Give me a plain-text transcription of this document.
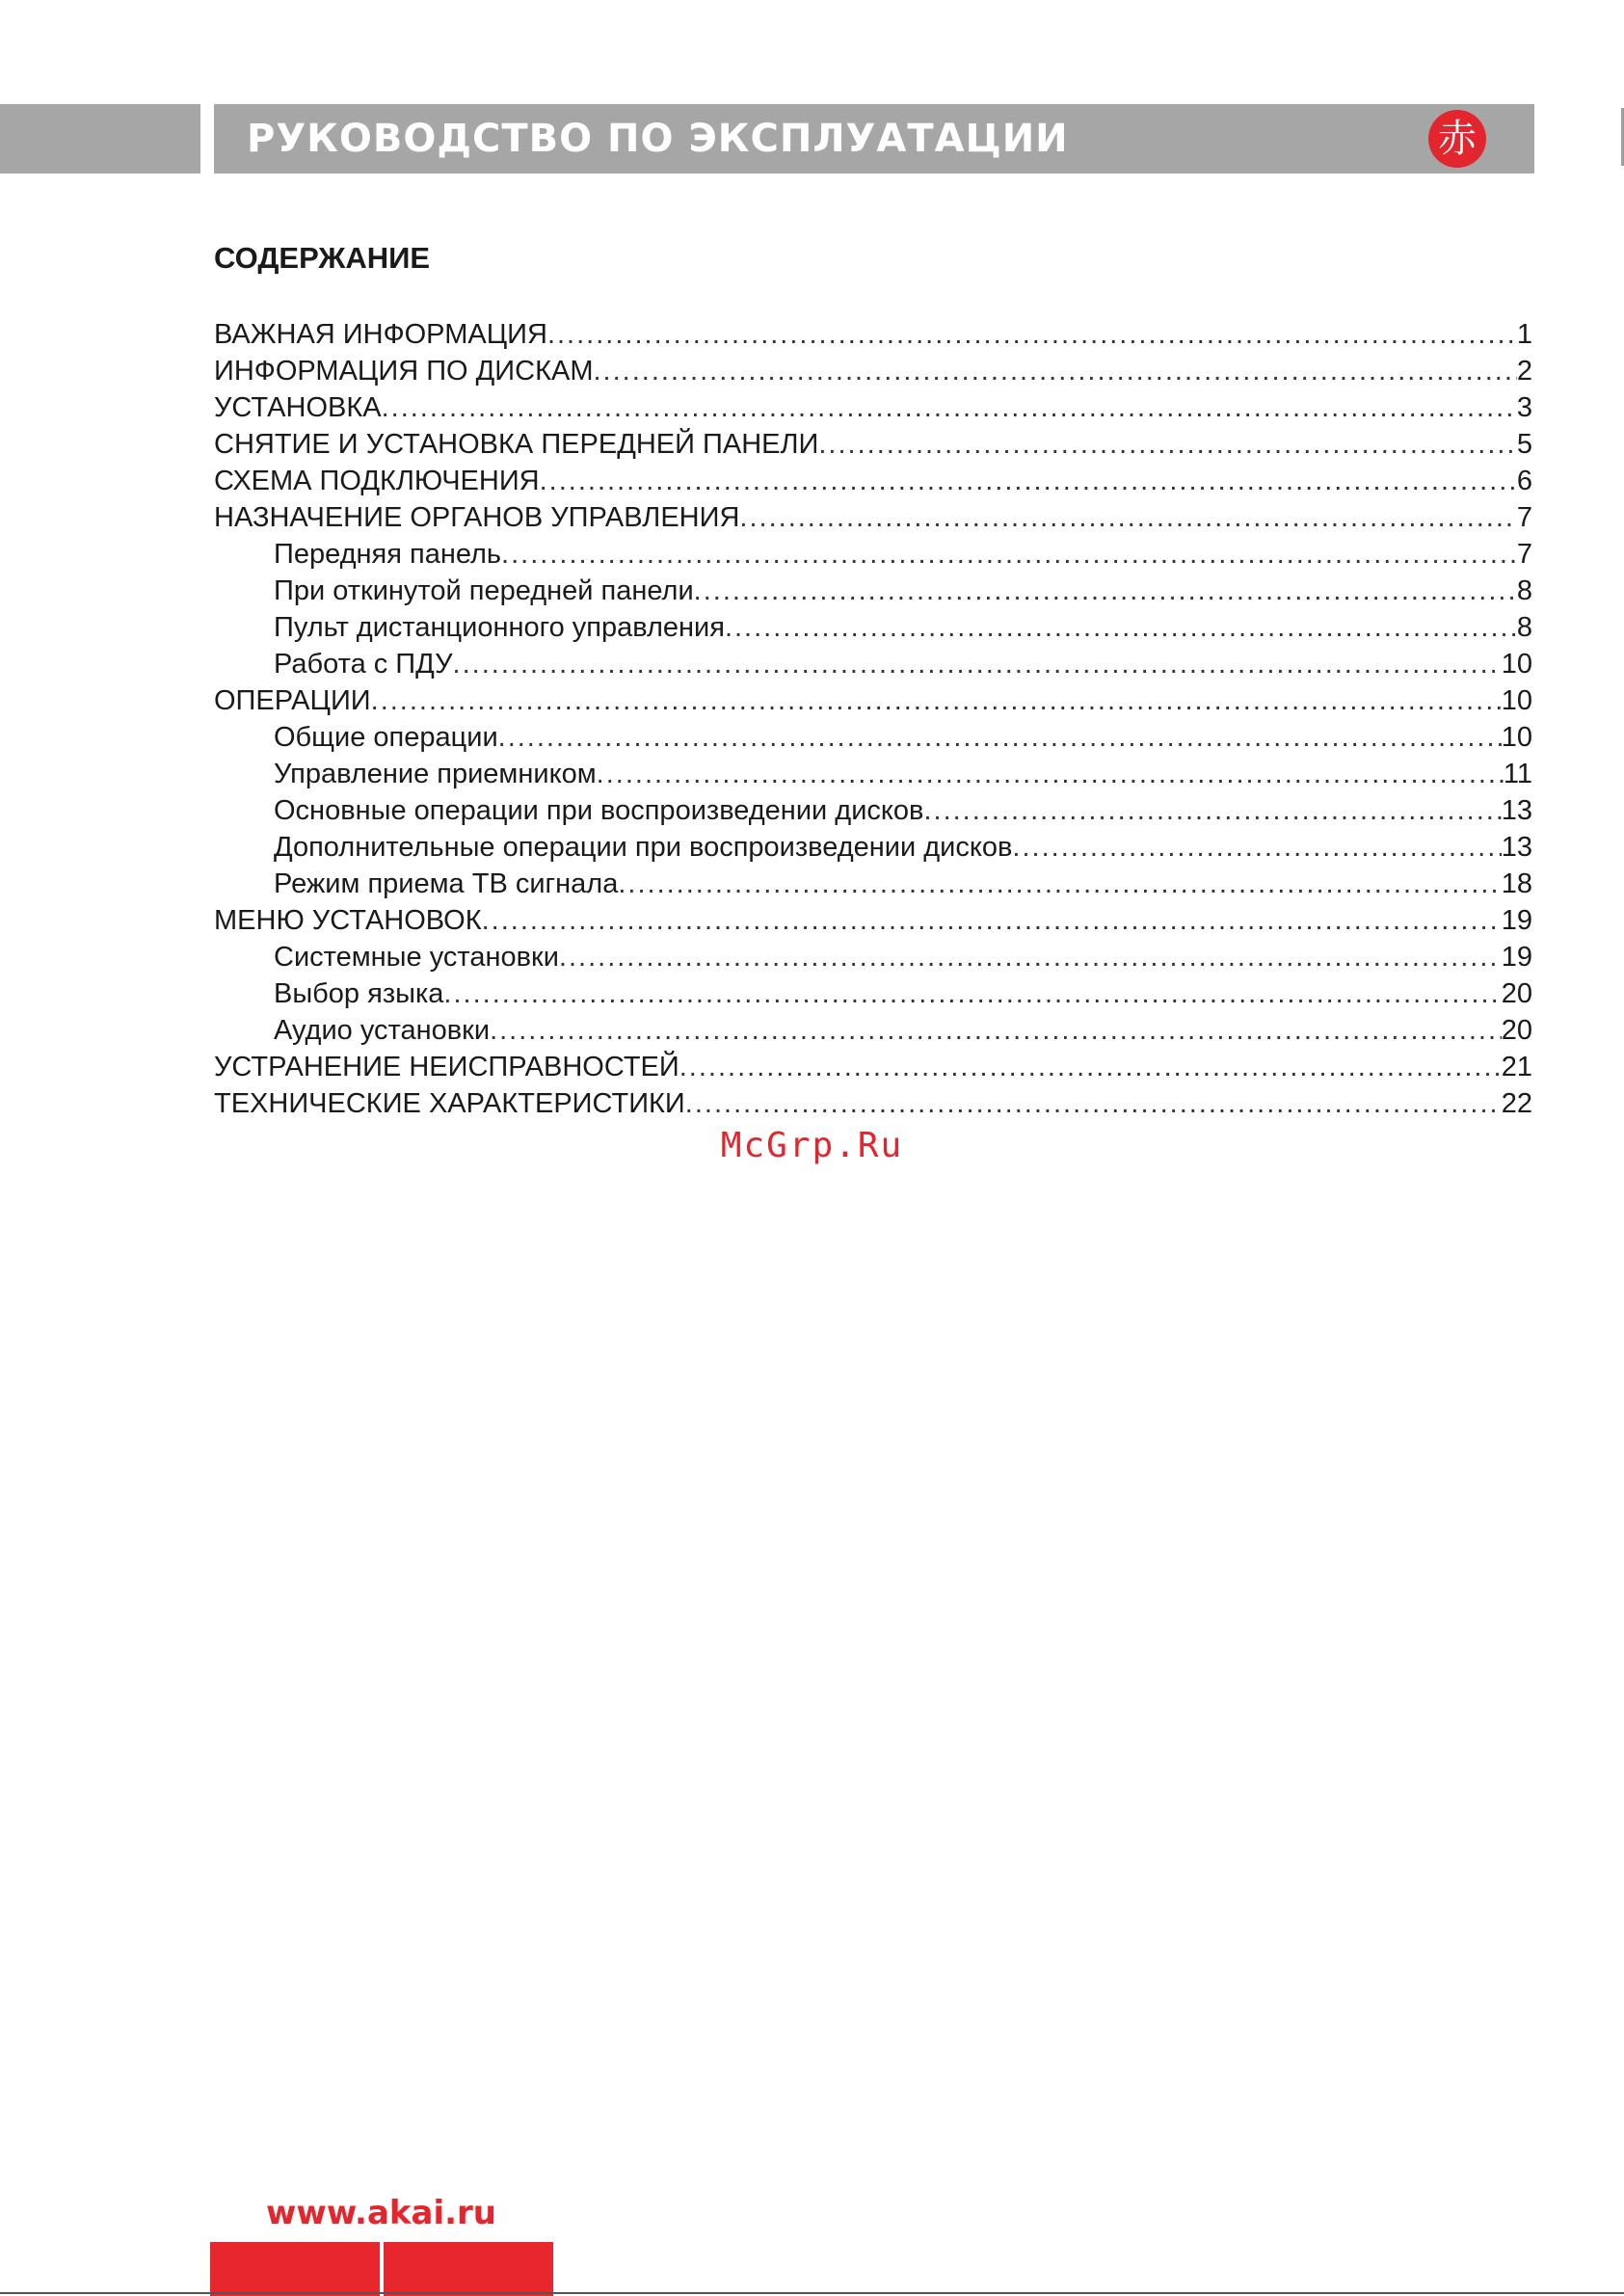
РУКОВОДСТВО ПО ЭКСПЛУАТАЦИИ	赤
СОДЕРЖАНИЕ
ВАЖНАЯ ИНФОРМАЦИЯ .....	1
ИНФОРМАЦИЯ ПО ДИСКАМ .....	2
УСТАНОВКА .....	3
СНЯТИЕ И УСТАНОВКА ПЕРЕДНЕЙ ПАНЕЛИ .....	5
СХЕМА ПОДКЛЮЧЕНИЯ .....	6
НАЗНАЧЕНИЕ ОРГАНОВ УПРАВЛЕНИЯ .....	7
Передняя панель .....	7
При откинутой передней панели .....	8
Пульт дистанционного управления .....	8
Работа с ПДУ .....	10
ОПЕРАЦИИ .....	10
Общие операции .....	10
Управление приемником .....	11
Основные операции при воспроизведении дисков .....	13
Дополнительные операции при воспроизведении дисков .....	13
Режим приема ТВ сигнала .....	18
МЕНЮ УСТАНОВОК .....	19
Системные установки .....	19
Выбор языка .....	20
Аудио установки .....	20
УСТРАНЕНИЕ НЕИСПРАВНОСТЕЙ .....	21
ТЕХНИЧЕСКИЕ ХАРАКТЕРИСТИКИ .....	22
McGrp.Ru
www.akai.ru
